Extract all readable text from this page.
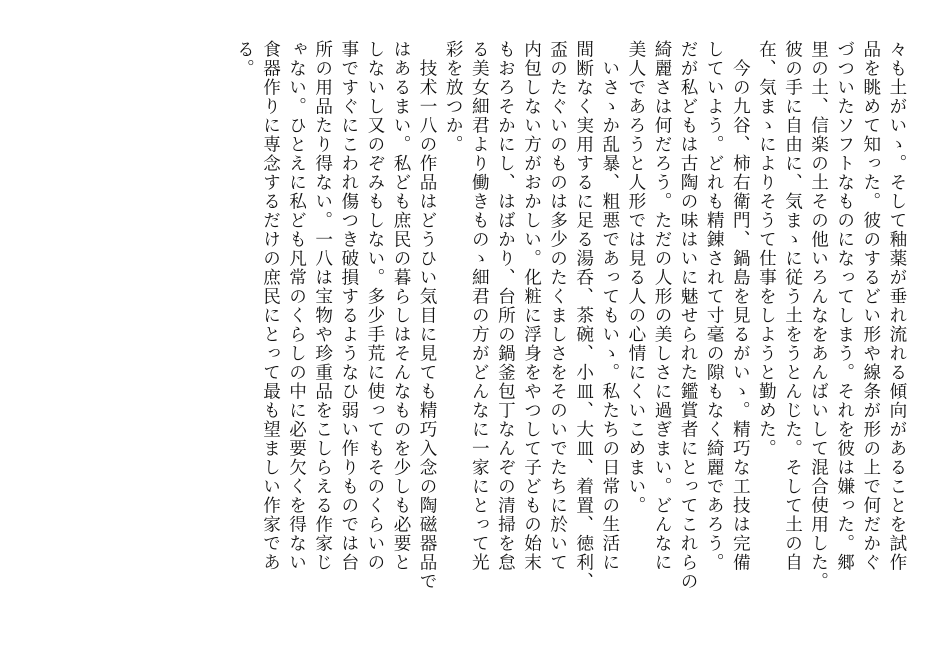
々も土がいゝ。そして釉薬が垂れ流れる傾向があることを試作
品を眺めて知った。彼のするどい形や線条が形の上で何だかぐ
づついたソフトなものになってしまう。それを彼は嫌った。郷
里の土、信楽の土その他いろんなをあんばいして混合使用した。
彼の手に自由に、気まゝに従う土をうとんじた。そして土の自
在、気まゝによりそうて仕事をしようと勤めた。
　今の九谷、柿右衛門、鍋島を見るがいゝ。精巧な工技は完備
していよう。どれも精錬されて寸毫の隙もなく綺麗であろう。
だが私どもは古陶の味はいに魅せられた鑑賞者にとってこれらの
綺麗さは何だろう。ただの人形の美しさに過ぎまい。どんなに
美人であろうと人形では見る人の心情にくいこめまい。
　いさゝか乱暴、粗悪であってもいゝ。私たちの日常の生活に
間断なく実用するに足る湯呑、茶碗、小皿、大皿、着置、徳利、
盃のたぐいのものは多少のたくましさをそのいでたちに於いて
内包しない方がおかしい。化粧に浮身をやつして子どもの始末
もおろそかにし、はばかり、台所の鍋釜包丁なんぞの清掃を怠
る美女細君より働きものゝ細君の方がどんなに一家にとって光
彩を放つか。
　技术一八の作品はどうひい気目に見ても精巧入念の陶磁器品で
はあるまい。私ども庶民の暮らしはそんなものを少しも必要と
しないし又のぞみもしない。多少手荒に使ってもそのくらいの
事ですぐにこわれ傷つき破損するようなひ弱い作りものでは台
所の用品たり得ない。一八は宝物や珍重品をこしらえる作家じ
ゃない。ひとえに私ども凡常のくらしの中に必要欠くを得ない
食器作りに専念するだけの庶民にとって最も望ましい作家であ
る。
